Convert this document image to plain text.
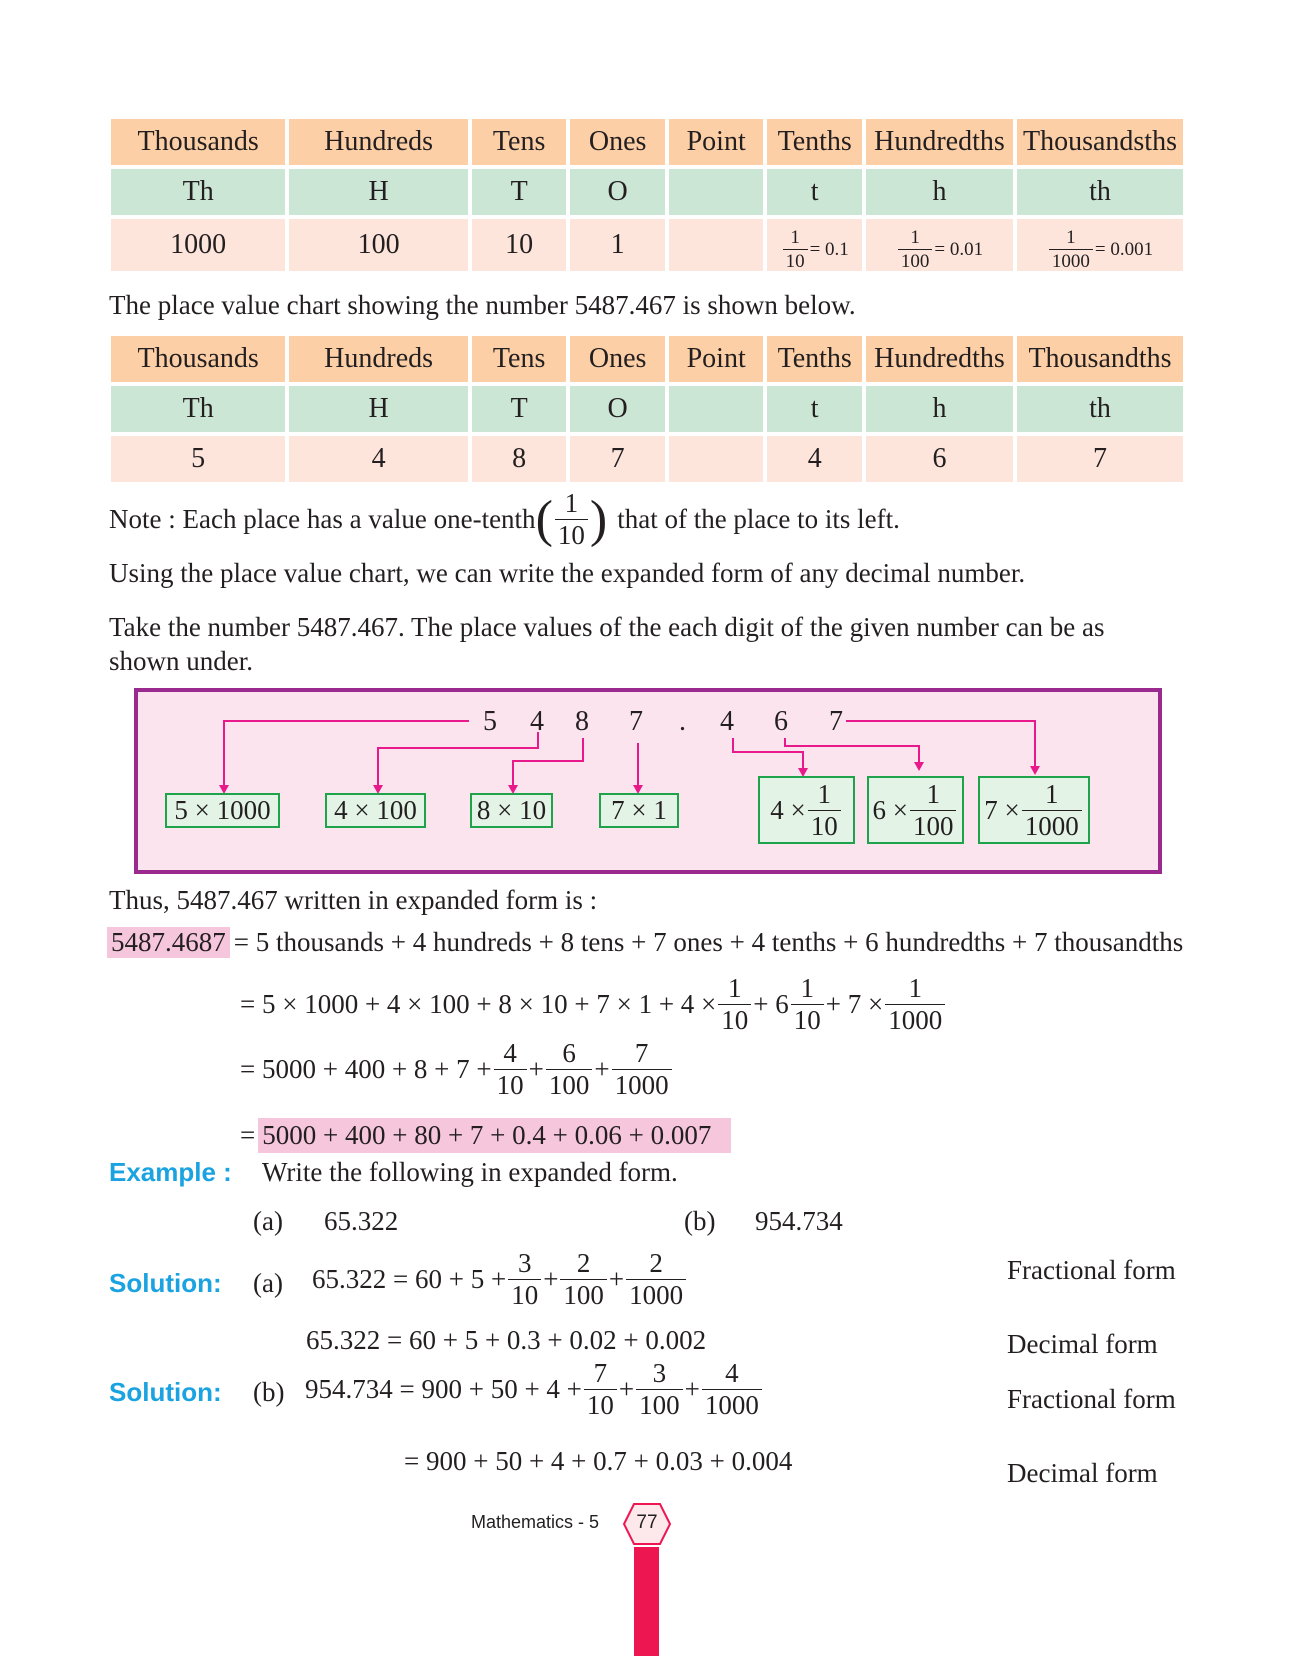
Thousands	Hundreds	Tens	Ones	Point	Tenths	Hundredths	Thousandsths
Th	H	T	O		t	h	th
1000	100	10	1		$\frac{1}{10} = 0.1$	$\frac{1}{100} = 0.01$	$\frac{1}{1000} = 0.001$
The place value chart showing the number 5487.467 is shown below.
Thousands	Hundreds	Tens	Ones	Point	Tenths	Hundredths	Thousandths
Th	H	T	O		t	h	th
5	4	8	7		4	6	7
Note : Each place has a value one-tenth ( $\frac{1}{10}$ ) that of the place to its left.
Using the place value chart, we can write the expanded form of any decimal number.
Take the number 5487.467. The place values of the each digit of the given number can be as
shown under.
5 4 8 7 . 4 6 7
5 × 1000	4 × 100	8 × 10	7 × 1	$4 \times \frac{1}{10} 6 \times \frac{1}{100} 7 \times \frac{1}{1000}$
Thus, 5487.467 written in expanded form is :
5487.4687 = 5 thousands + 4 hundreds + 8 tens + 7 ones + 4 tenths + 6 hundredths + 7 thousandths
= $5 \times 1000 + 4 \times 100 + 8 \times 10 + 7 \times 1 + 4 \times \frac{1}{10} + 6 \frac{1}{10} + 7 \times \frac{1}{1000}$
= $5000 + 400 + 8 + 7 + \frac{4}{10} + \frac{6}{100} + \frac{7}{1000}$
= 5000 + 400 + 80 + 7 + 0.4 + 0.06 + 0.007
Example : Write the following in expanded form.
(a) 65.322	(b) 954.734
Solution: (a) $65.322 = 60 + 5 + \frac{3}{10} + \frac{2}{100} + \frac{2}{1000}$
65.322 = 60 + 5 + 0.3 + 0.02 + 0.002
Fractional form
Decimal form
Solution: (b) $954.734 = 900 + 50 + 4 + \frac{7}{10} + \frac{3}{100} + \frac{4}{1000}$
= 900 + 50 + 4 + 0.7 + 0.03 + 0.004
Fractional form
Decimal form
Mathematics - 5	77
